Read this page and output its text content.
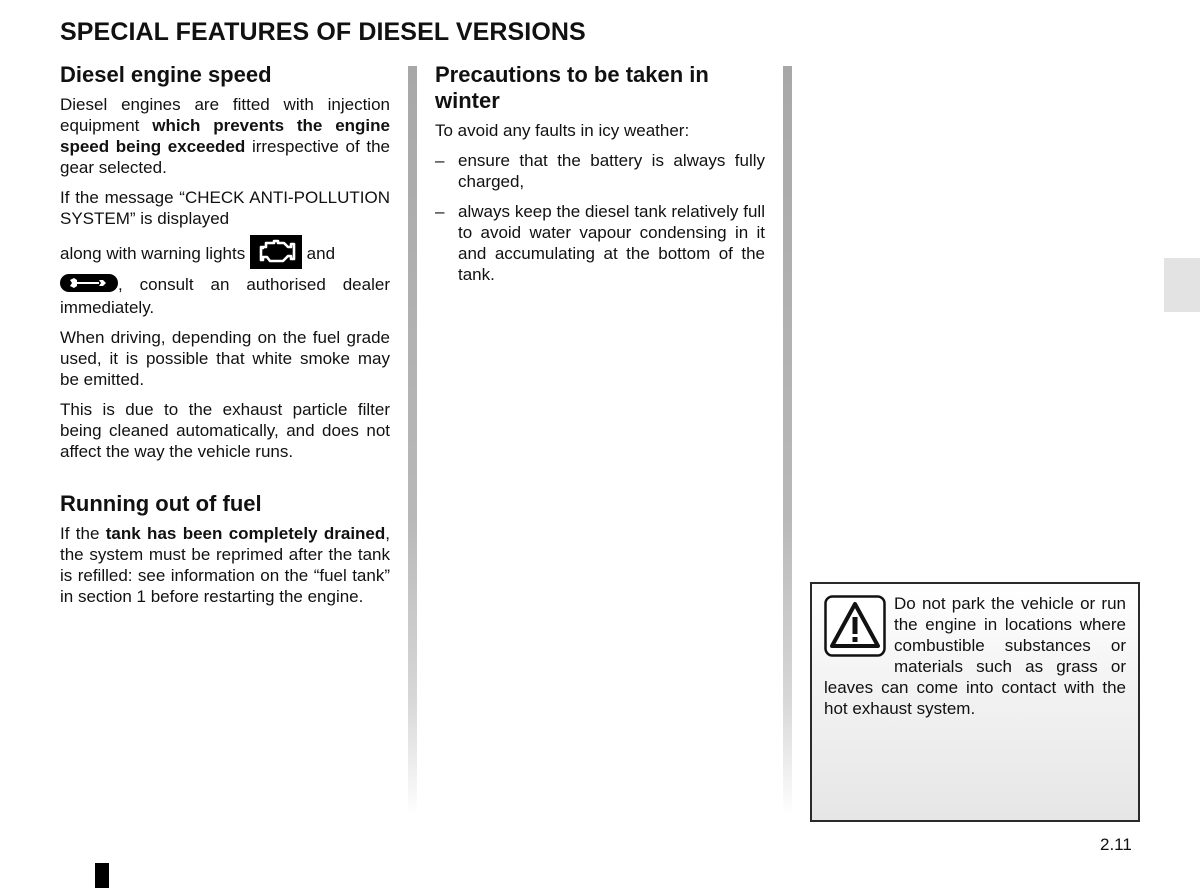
SPECIAL FEATURES OF DIESEL VERSIONS
Diesel engine speed

Diesel engines are fitted with injection equipment which prevents the engine speed being exceeded irrespective of the gear selected.

If the message “CHECK ANTI-POLLUTION SYSTEM” is displayed
along with warning lights	and
, consult an authorised dealer immediately.

When driving, depending on the fuel grade used, it is possible that white smoke may be emitted.

This is due to the exhaust particle filter being cleaned automatically, and does not affect the way the vehicle runs.

Running out of fuel

If the tank has been completely drained, the system must be reprimed after the tank is refilled: see information on the “fuel tank” in section 1 before restarting the engine.

Precautions to be taken in winter

To avoid any faults in icy weather:

– ensure that the battery is always fully charged,
– always keep the diesel tank relatively full to avoid water vapour condensing in it and accumulating at the bottom of the tank.

Do not park the vehicle or run the engine in locations where combustible substances or materials such as grass or leaves can come into contact with the hot exhaust system.

2.11
